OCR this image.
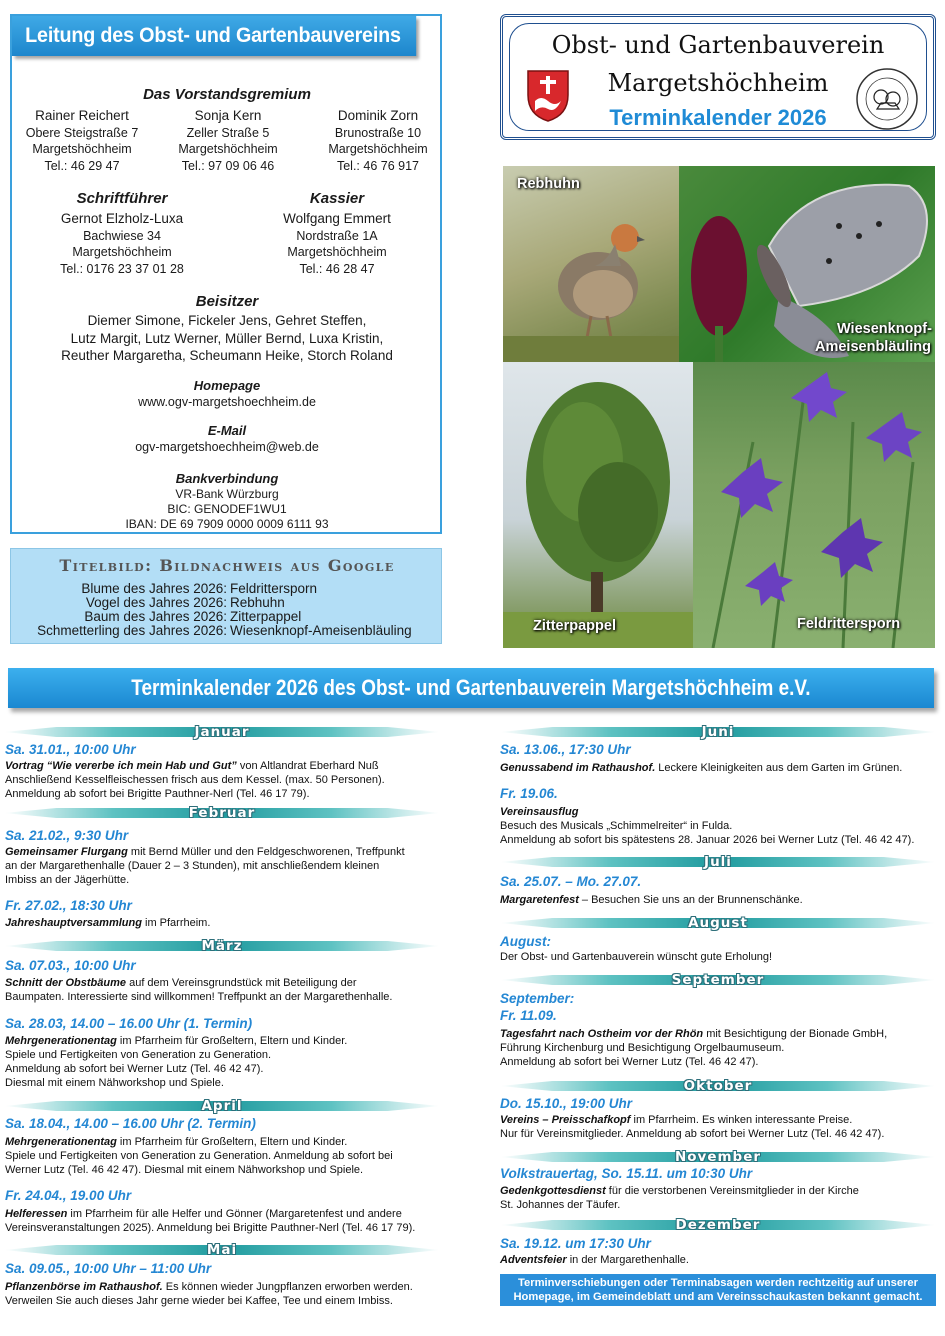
Leitung des Obst- und Gartenbauvereins
Das Vorstandsgremium
Rainer Reichert
Obere Steigstraße 7
Margetshöchheim
Tel.: 46 29 47
Sonja Kern
Zeller Straße 5
Margetshöchheim
Tel.: 97 09 06 46
Dominik Zorn
Brunostraße 10
Margetshöchheim
Tel.: 46 76 917
Schriftführer	Kassier
Gernot Elzholz-Luxa
Bachwiese 34
Margetshöchheim
Tel.: 0176 23 37 01 28
Wolfgang Emmert
Nordstraße 1A
Margetshöchheim
Tel.: 46 28 47
Beisitzer
Diemer Simone, Fickeler Jens, Gehret Steffen,
Lutz Margit, Lutz Werner, Müller Bernd, Luxa Kristin,
Reuther Margaretha, Scheumann Heike, Storch Roland
Homepage
www.ogv-margetshoechheim.de
E-Mail
ogv-margetshoechheim@web.de
Bankverbindung
VR-Bank Würzburg
BIC: GENODEF1WU1
IBAN: DE 69 7909 0000 0009 6111 93
Obst- und Gartenbauverein
Margetshöchheim
Terminkalender 2026
Rebhuhn
Wiesenknopf-
Ameisenbläuling
Zitterpappel	Feldrittersporn
Titelbild: Bildnachweis aus Google
Blume des Jahres 2026: Feldrittersporn
Vogel des Jahres 2026: Rebhuhn
Baum des Jahres 2026: Zitterpappel
Schmetterling des Jahres 2026: Wiesenknopf-Ameisenbläuling
Terminkalender 2026 des Obst- und Gartenbauverein Margetshöchheim e.V.
Januar
Sa. 31.01., 10:00 Uhr
Vortrag “Wie vererbe ich mein Hab und Gut” von Altlandrat Eberhard Nuß
Anschließend Kesselfleischessen frisch aus dem Kessel. (max. 50 Personen).
Anmeldung ab sofort bei Brigitte Pauthner-Nerl (Tel. 46 17 79).
Februar
Sa. 21.02., 9:30 Uhr
Gemeinsamer Flurgang mit Bernd Müller und den Feldgeschworenen, Treffpunkt
an der Margarethenhalle (Dauer 2 – 3 Stunden), mit anschließendem kleinen
Imbiss an der Jägerhütte.
Fr. 27.02., 18:30 Uhr
Jahreshauptversammlung im Pfarrheim.
März
Sa. 07.03., 10:00 Uhr
Schnitt der Obstbäume auf dem Vereinsgrundstück mit Beteiligung der
Baumpaten. Interessierte sind willkommen! Treffpunkt an der Margarethenhalle.
Sa. 28.03, 14.00 – 16.00 Uhr (1. Termin)
Mehrgenerationentag im Pfarrheim für Großeltern, Eltern und Kinder.
Spiele und Fertigkeiten von Generation zu Generation.
Anmeldung ab sofort bei Werner Lutz (Tel. 46 42 47).
Diesmal mit einem Nähworkshop und Spiele.
April
Sa. 18.04., 14.00 – 16.00 Uhr (2. Termin)
Mehrgenerationentag im Pfarrheim für Großeltern, Eltern und Kinder.
Spiele und Fertigkeiten von Generation zu Generation. Anmeldung ab sofort bei
Werner Lutz (Tel. 46 42 47). Diesmal mit einem Nähworkshop und Spiele.
Fr. 24.04., 19.00 Uhr
Helferessen im Pfarrheim für alle Helfer und Gönner (Margaretenfest und andere
Vereinsveranstaltungen 2025). Anmeldung bei Brigitte Pauthner-Nerl (Tel. 46 17 79).
Mai
Sa. 09.05., 10:00 Uhr – 11:00 Uhr
Pflanzenbörse im Rathaushof. Es können wieder Jungpflanzen erworben werden.
Verweilen Sie auch dieses Jahr gerne wieder bei Kaffee, Tee und einem Imbiss.
Juni
Sa. 13.06., 17:30 Uhr
Genussabend im Rathaushof. Leckere Kleinigkeiten aus dem Garten im Grünen.
Fr. 19.06.
Vereinsausflug
Besuch des Musicals „Schimmelreiter“ in Fulda.
Anmeldung ab sofort bis spätestens 28. Januar 2026 bei Werner Lutz (Tel. 46 42 47).
Juli
Sa. 25.07. – Mo. 27.07.
Margaretenfest – Besuchen Sie uns an der Brunnenschänke.
August
August:
Der Obst- und Gartenbauverein wünscht gute Erholung!
September
September:
Fr. 11.09.
Tagesfahrt nach Ostheim vor der Rhön mit Besichtigung der Bionade GmbH,
Führung Kirchenburg und Besichtigung Orgelbaumuseum.
Anmeldung ab sofort bei Werner Lutz (Tel. 46 42 47).
Oktober
Do. 15.10., 19:00 Uhr
Vereins – Preisschafkopf im Pfarrheim. Es winken interessante Preise.
Nur für Vereinsmitglieder. Anmeldung ab sofort bei Werner Lutz (Tel. 46 42 47).
November
Volkstrauertag, So. 15.11. um 10:30 Uhr
Gedenkgottesdienst für die verstorbenen Vereinsmitglieder in der Kirche
St. Johannes der Täufer.
Dezember
Sa. 19.12. um 17:30 Uhr
Adventsfeier in der Margarethenhalle.
Terminverschiebungen oder Terminabsagen werden rechtzeitig auf unserer
Homepage, im Gemeindeblatt und am Vereinsschaukasten bekannt gemacht.
